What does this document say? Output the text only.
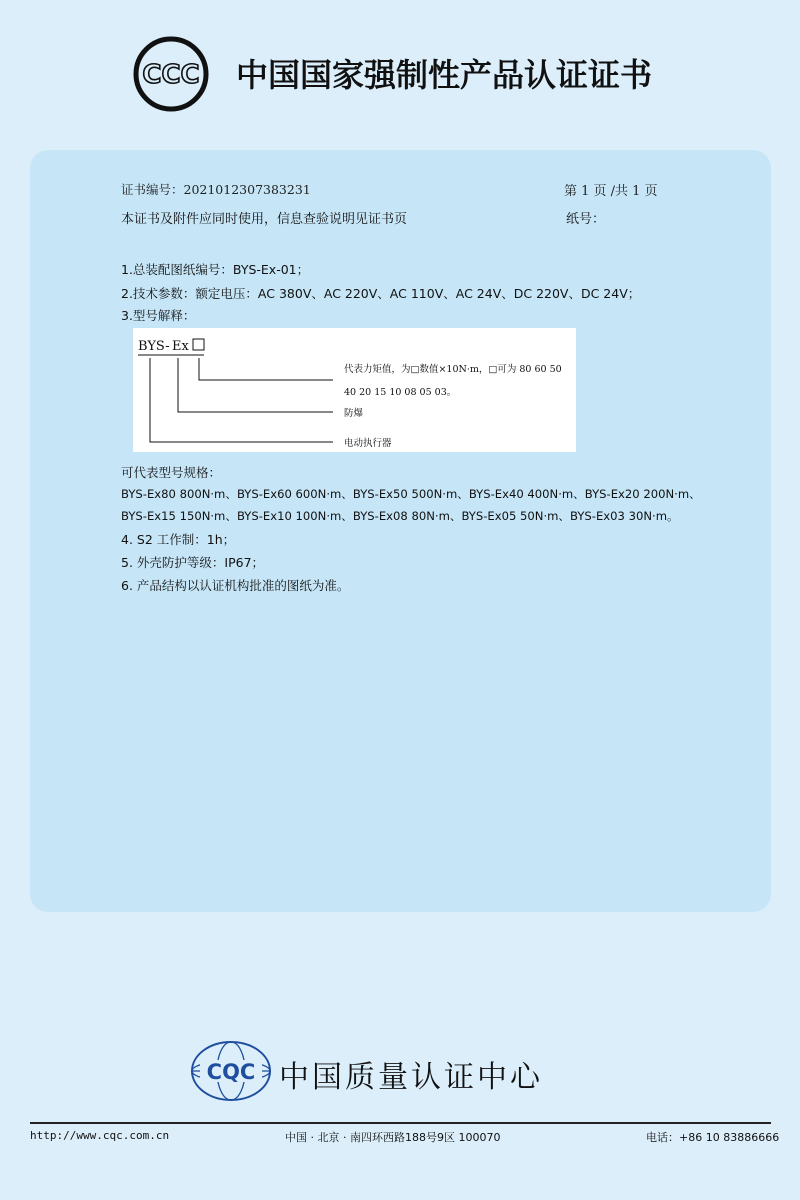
CCC 中国国家强制性产品认证证书
证书编号：2021012307383231	第 1 页 /共 1 页
本证书及附件应同时使用，信息查验说明见证书页	纸号：
1.总装配图纸编号：BYS-Ex-01；
2.技术参数：额定电压：AC 380V、AC 220V、AC 110V、AC 24V、DC 220V、DC 24V；
3.型号解释：
BYS- Ex
代表力矩值，为□数值×10N·m，□可为 80 60 50
40 20 15 10 08 05 03。
防爆
电动执行器
可代表型号规格：
BYS-Ex80 800N·m、BYS-Ex60 600N·m、BYS-Ex50 500N·m、BYS-Ex40 400N·m、BYS-Ex20 200N·m、
BYS-Ex15 150N·m、BYS-Ex10 100N·m、BYS-Ex08 80N·m、BYS-Ex05 50N·m、BYS-Ex03 30N·m。
4. S2 工作制：1h；
5. 外壳防护等级：IP67；
6. 产品结构以认证机构批准的图纸为准。
CQC 中国质量认证中心
http://www.cqc.com.cn	中国 · 北京 · 南四环西路188号9区 100070	电话：+86 10 83886666
